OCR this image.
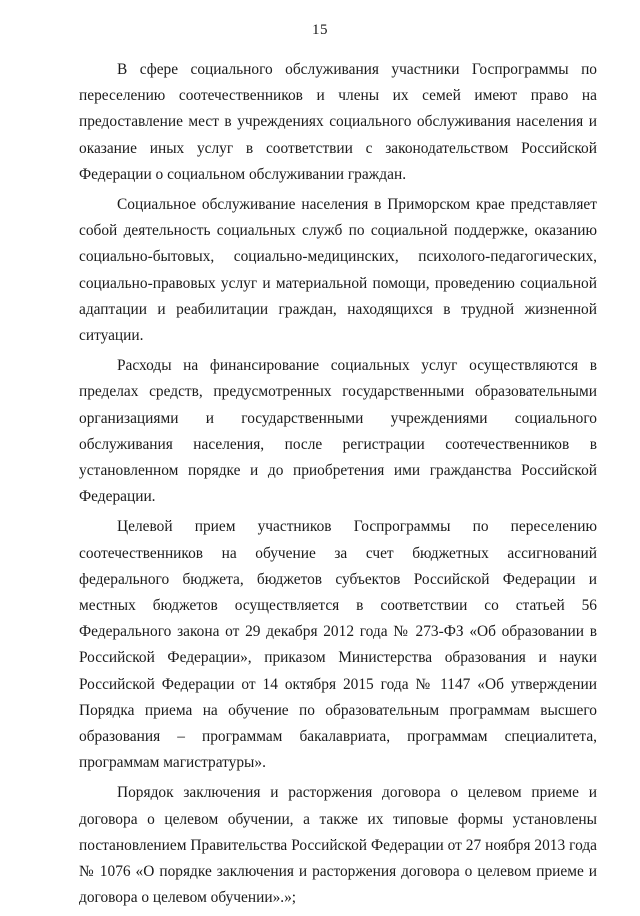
15

В сфере социального обслуживания участники Госпрограммы по переселению соотечественников и члены их семей имеют право на предоставление мест в учреждениях социального обслуживания населения и оказание иных услуг в соответствии с законодательством Российской Федерации о социальном обслуживании граждан.

Социальное обслуживание населения в Приморском крае представляет собой деятельность социальных служб по социальной поддержке, оказанию социально-бытовых, социально-медицинских, психолого-педагогических, социально-правовых услуг и материальной помощи, проведению социальной адаптации и реабилитации граждан, находящихся в трудной жизненной ситуации.

Расходы на финансирование социальных услуг осуществляются в пределах средств, предусмотренных государственными образовательными организациями и государственными учреждениями социального обслуживания населения, после регистрации соотечественников в установленном порядке и до приобретения ими гражданства Российской Федерации.

Целевой прием участников Госпрограммы по переселению соотечественников на обучение за счет бюджетных ассигнований федерального бюджета, бюджетов субъектов Российской Федерации и местных бюджетов осуществляется в соответствии со статьей 56 Федерального закона от 29 декабря 2012 года № 273-ФЗ «Об образовании в Российской Федерации», приказом Министерства образования и науки Российской Федерации от 14 октября 2015 года № 1147 «Об утверждении Порядка приема на обучение по образовательным программам высшего образования – программам бакалавриата, программам специалитета, программам магистратуры».

Порядок заключения и расторжения договора о целевом приеме и договора о целевом обучении, а также их типовые формы установлены постановлением Правительства Российской Федерации от 27 ноября 2013 года № 1076 «О порядке заключения и расторжения договора о целевом приеме и договора о целевом обучении».»;
